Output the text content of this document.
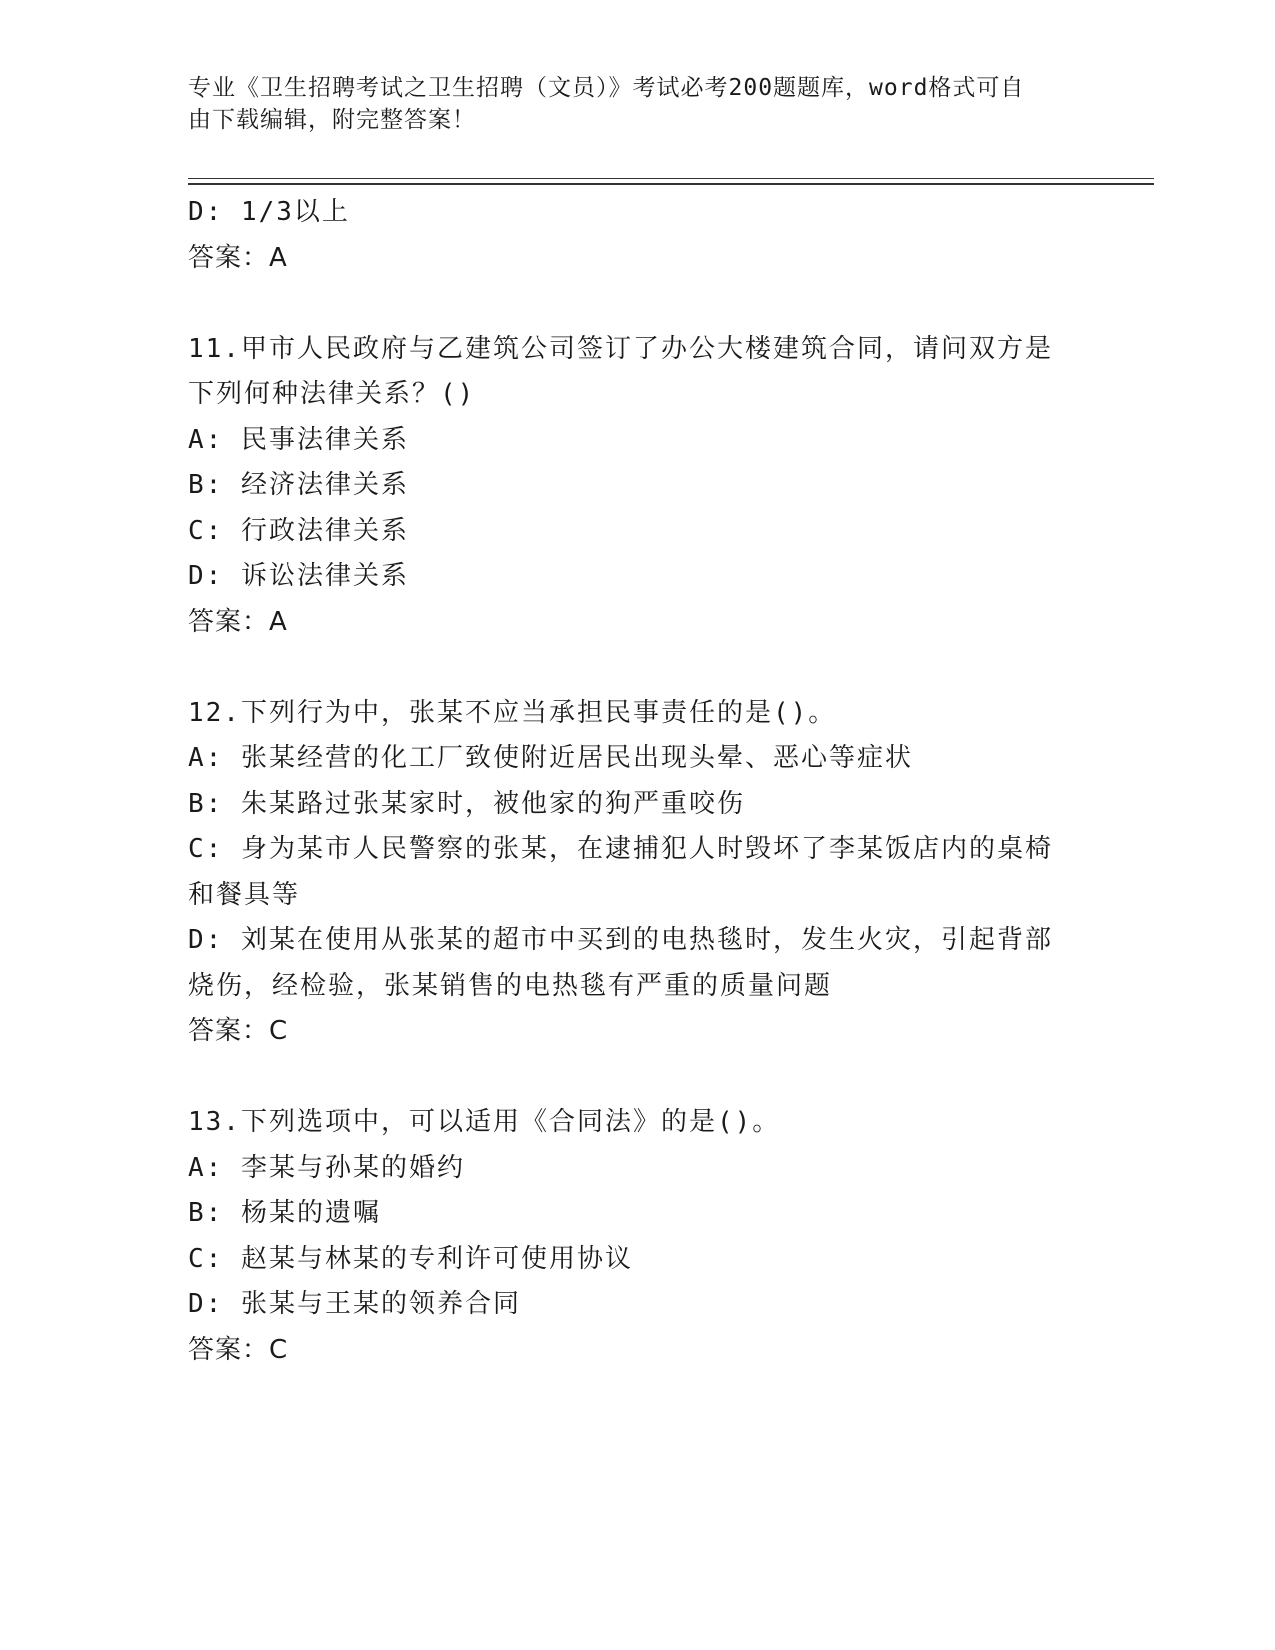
专业《卫生招聘考试之卫生招聘（文员）》考试必考200题题库，word格式可自
由下载编辑，附完整答案！
D: 1/3以上
答案：A
11.甲市人民政府与乙建筑公司签订了办公大楼建筑合同，请问双方是
下列何种法律关系？()
A: 民事法律关系
B: 经济法律关系
C: 行政法律关系
D: 诉讼法律关系
答案：A
12.下列行为中，张某不应当承担民事责任的是()。
A: 张某经营的化工厂致使附近居民出现头晕、恶心等症状
B: 朱某路过张某家时，被他家的狗严重咬伤
C: 身为某市人民警察的张某，在逮捕犯人时毁坏了李某饭店内的桌椅
和餐具等
D: 刘某在使用从张某的超市中买到的电热毯时，发生火灾，引起背部
烧伤，经检验，张某销售的电热毯有严重的质量问题
答案：C
13.下列选项中，可以适用《合同法》的是()。
A: 李某与孙某的婚约
B: 杨某的遗嘱
C: 赵某与林某的专利许可使用协议
D: 张某与王某的领养合同
答案：C
